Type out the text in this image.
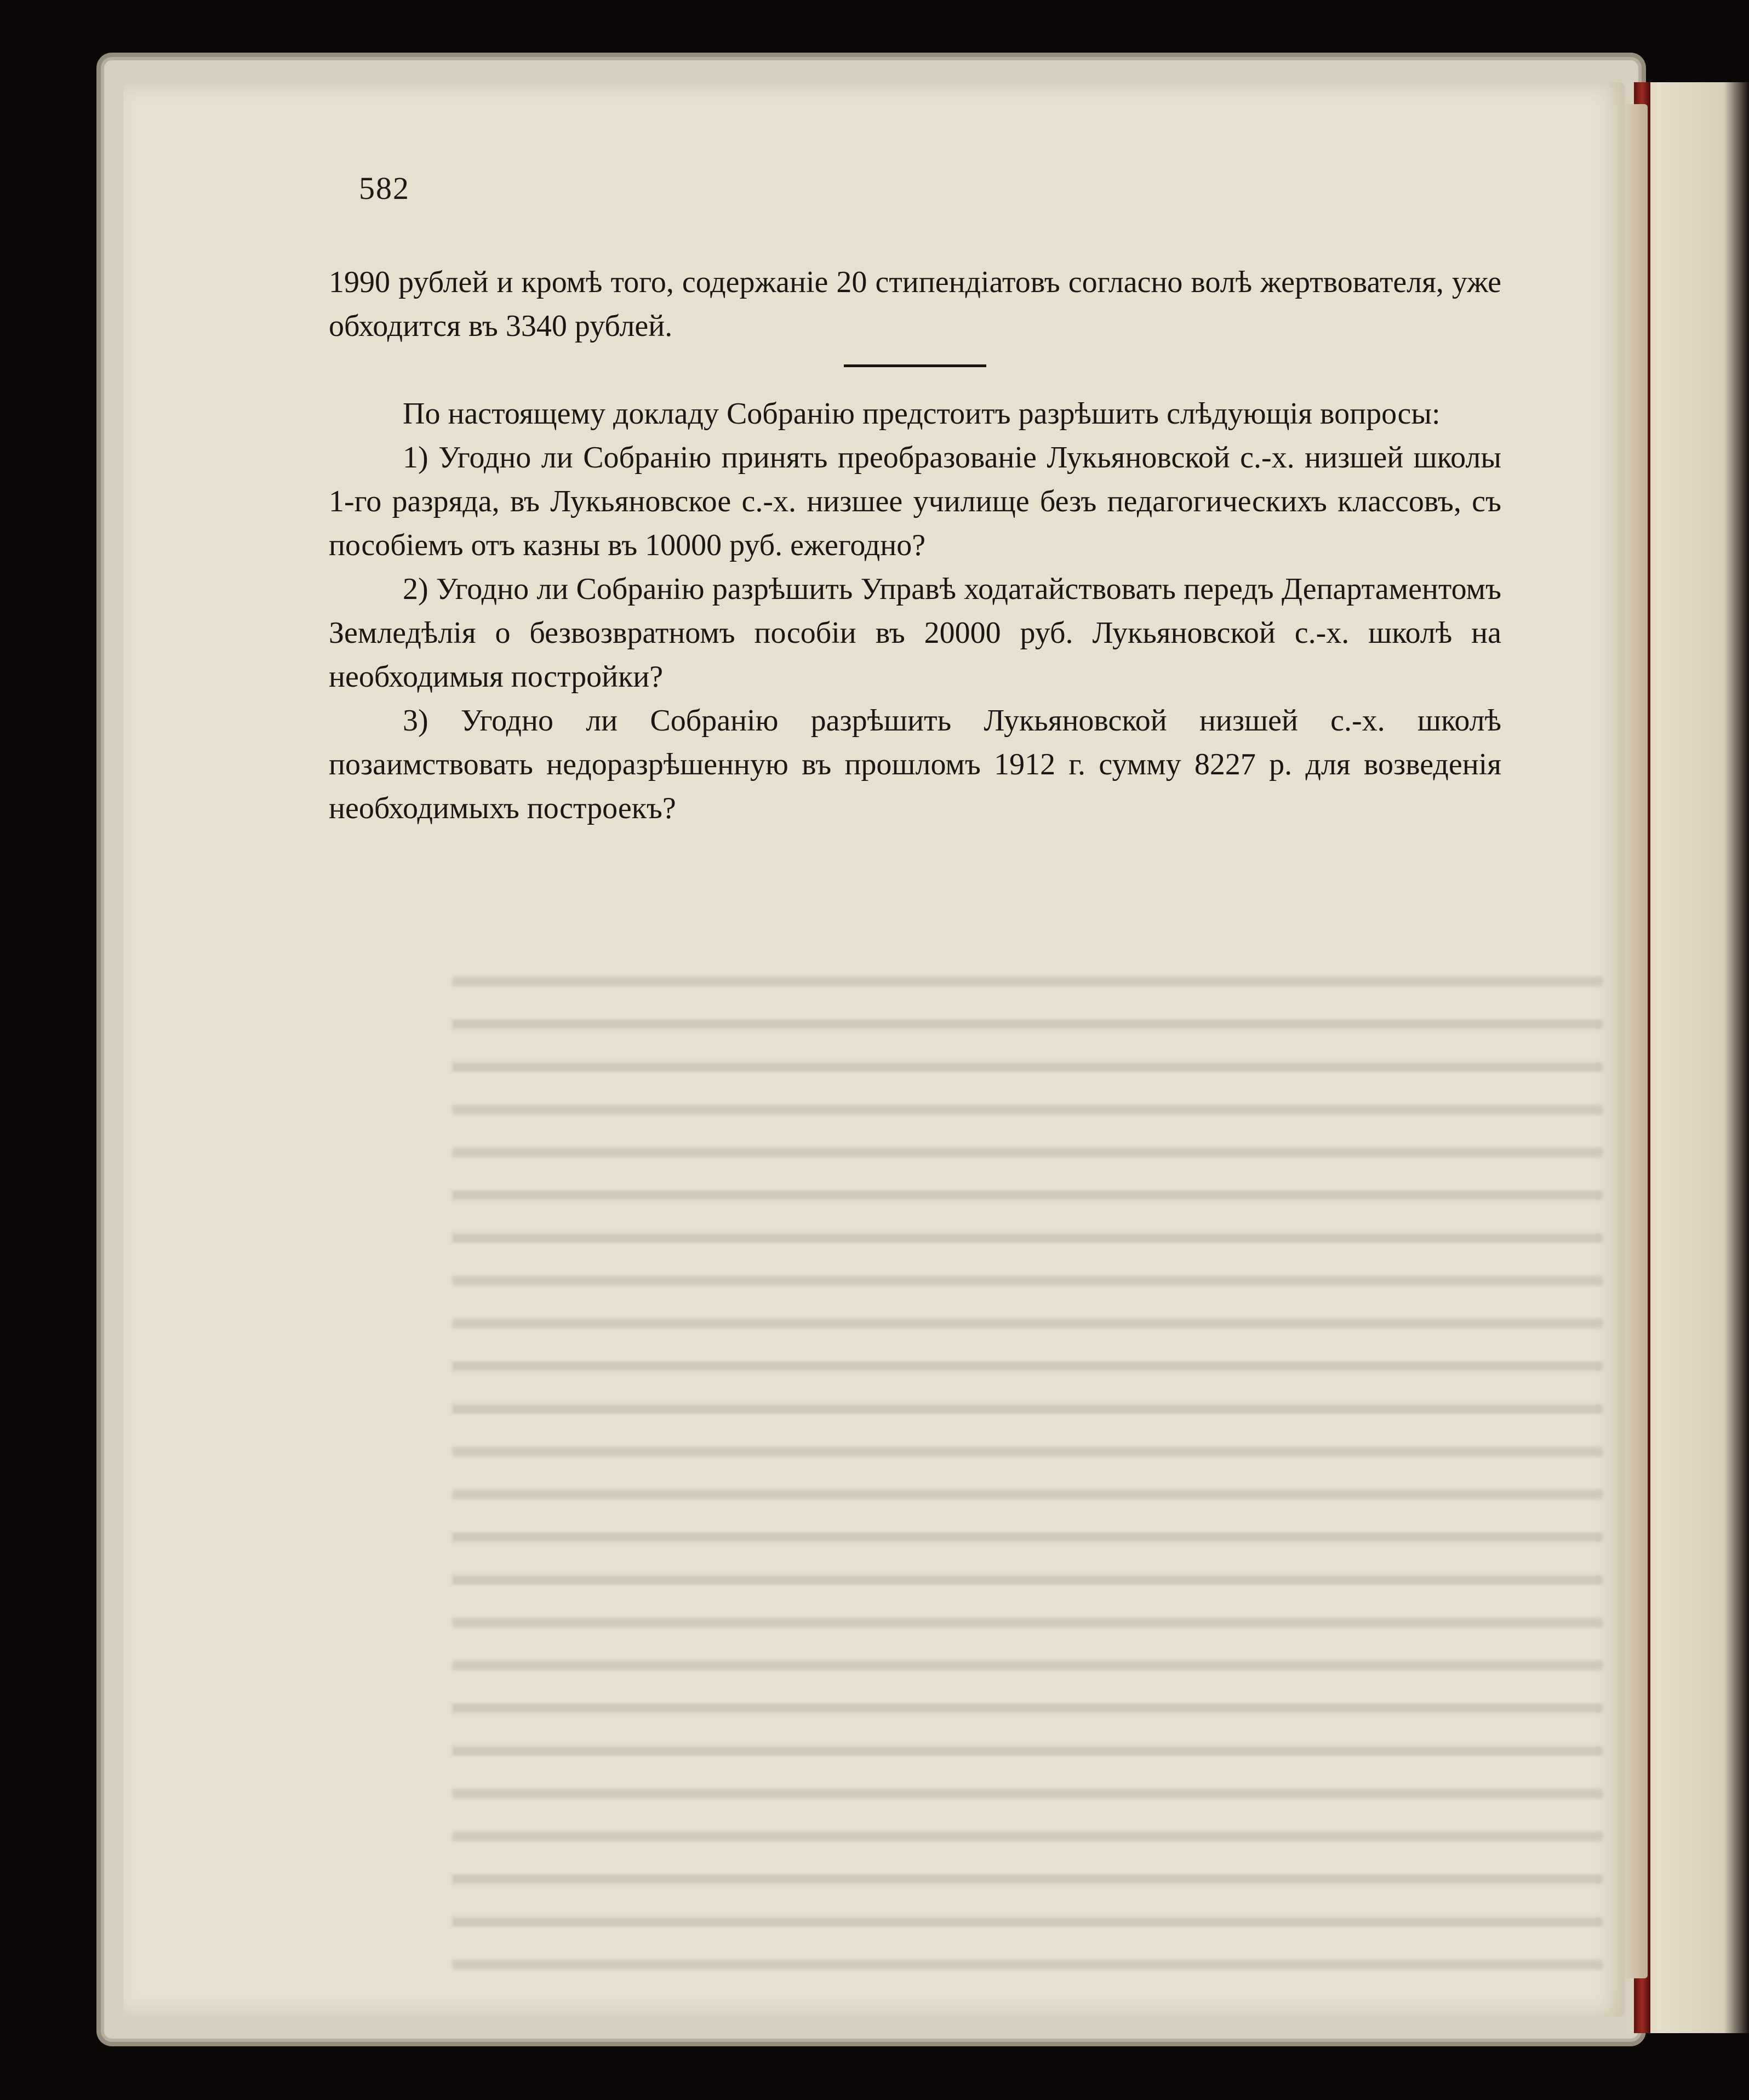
582

1990 рублей и кромѣ того, содержанie 20 стипендiатовъ согласно волѣ жертвователя, уже обходится въ 3340 рублей.

По настоящему докладу Собранiю предстоитъ разрѣшить слѣдующiя вопросы:

1) Угодно ли Собранiю принять преобразованiе Лукьяновской с.-х. низшей школы 1-го разряда, въ Лукьяновское с.-х. низшее училище безъ педагогическихъ классовъ, съ пособiемъ отъ казны въ 10000 руб. ежегодно?

2) Угодно ли Собранiю разрѣшить Управѣ ходатайствовать передъ Департаментомъ Земледѣлiя о безвозвратномъ пособiи въ 20000 руб. Лукьяновской с.-х. школѣ на необходимыя постройки?

3) Угодно ли Собранiю разрѣшить Лукьяновской низшей с.-х. школѣ позаимствовать недоразрѣшенную въ прошломъ 1912 г. сумму 8227 р. для возведенiя необходимыхъ построекъ?
